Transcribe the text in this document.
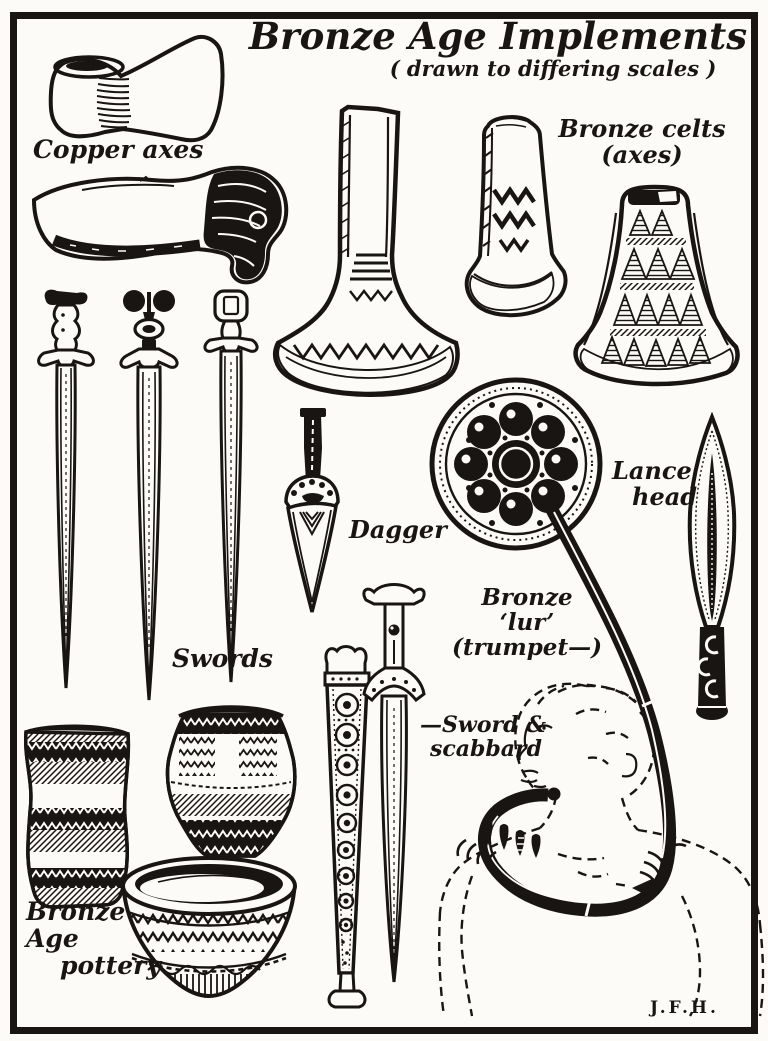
Bronze Age Implements
( drawn to differing scales )
Copper axes
Bronze celts
(axes)
Swords
Dagger
Lance
head
Bronze
‘lur’
(trumpet—)
—Sword &
scabbard
Bronze
Age
pottery
J.F.H.
